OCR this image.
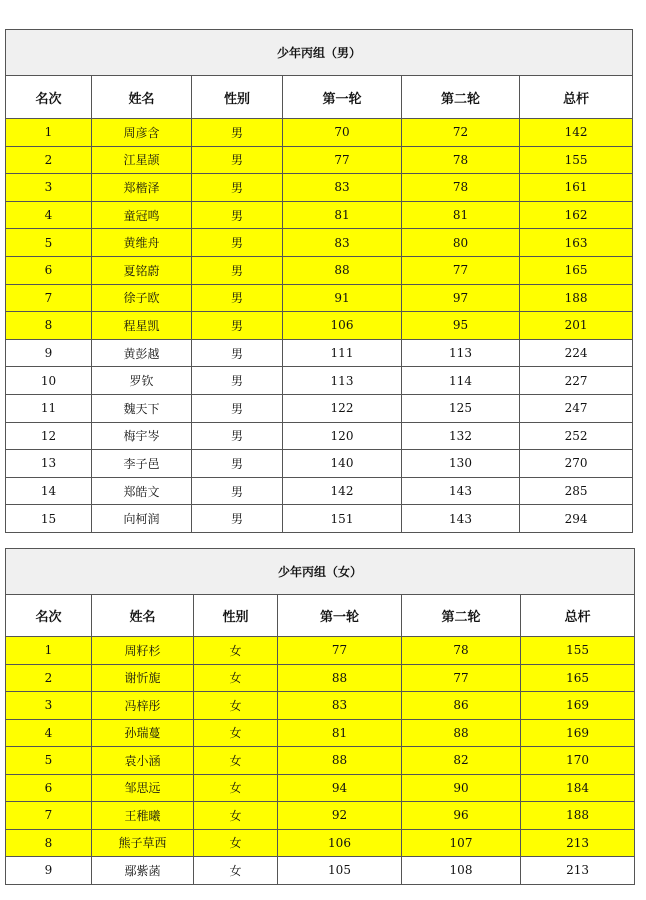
少年丙组（男）					
名次	姓名	性别	第一轮	第二轮	总杆
1	周彦含	男	70	72	142
2	江星颉	男	77	78	155
3	郑楷泽	男	83	78	161
4	童冠鸣	男	81	81	162
5	黄维舟	男	83	80	163
6	夏铭蔚	男	88	77	165
7	徐子欧	男	91	97	188
8	程星凯	男	106	95	201
9	黄彭越	男	111	113	224
10	罗钦	男	113	114	227
11	魏天下	男	122	125	247
12	梅宇岑	男	120	132	252
13	李子邑	男	140	130	270
14	郑皓文	男	142	143	285
15	向柯润	男	151	143	294
少年丙组（女）					
名次	姓名	性别	第一轮	第二轮	总杆
1	周籽杉	女	77	78	155
2	谢忻旎	女	88	77	165
3	冯梓彤	女	83	86	169
4	孙瑞蔓	女	81	88	169
5	袁小涵	女	88	82	170
6	邹思远	女	94	90	184
7	王稚曦	女	92	96	188
8	熊子草西	女	106	107	213
9	鄢紫菡	女	105	108	213
